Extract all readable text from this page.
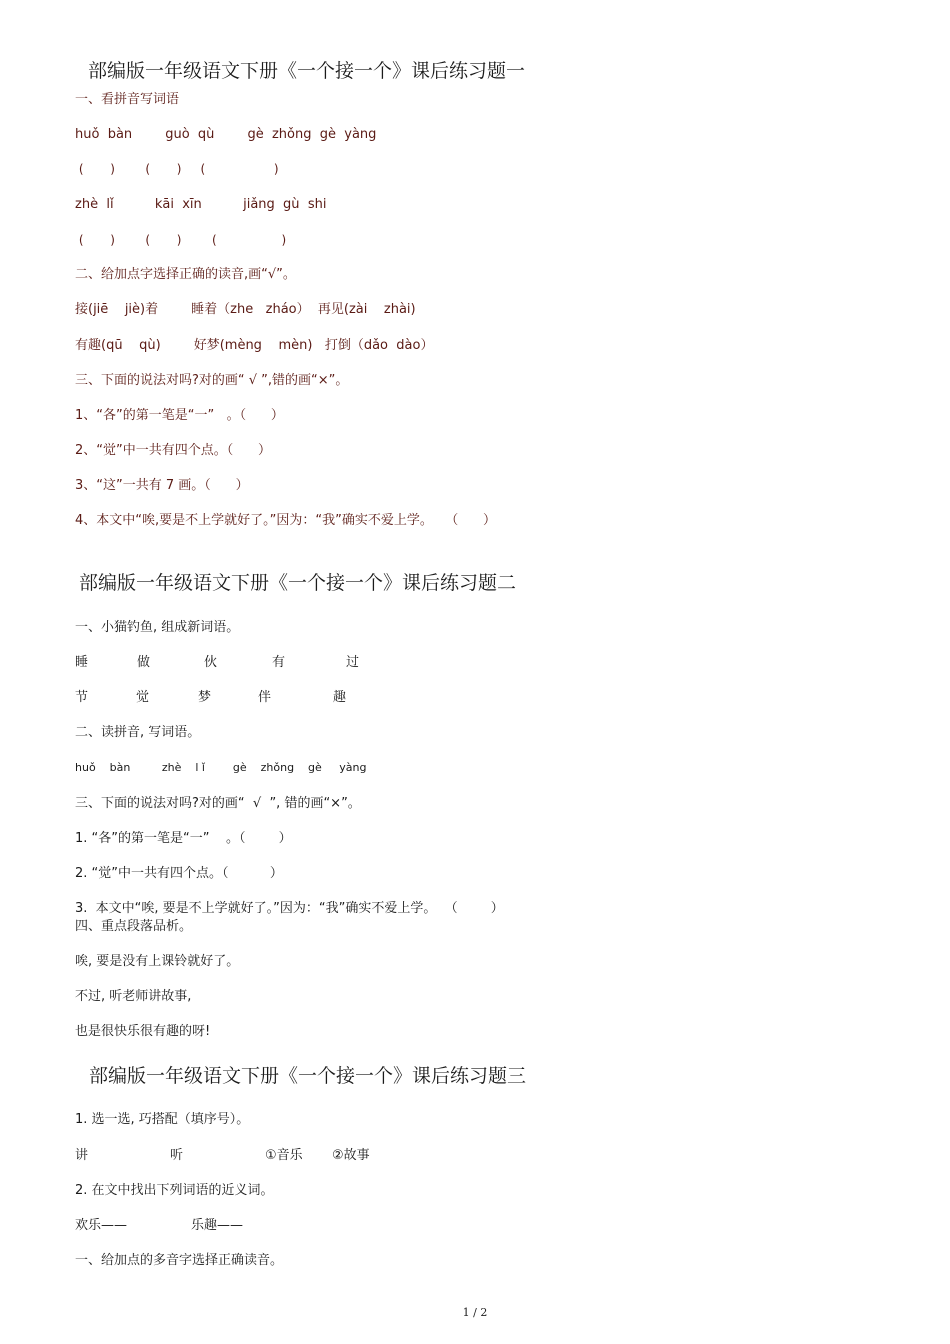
部编版一年级语文下册《一个接一个》课后练习题一
一、看拼音写词语
huǒ  bàn        guò  qù        gè  zhǒng  gè  yàng
(       )        (       )     (                  )
zhè  lǐ          kāi  xīn          jiǎng  gù  shi
(       )        (       )        (                 )
二、给加点字选择正确的读音,画“√”。
接(jiē    jiè)着        睡着（zhe   zháo）  再见(zài    zhài)
有趣(qū    qù)        好梦(mèng    mèn)   打倒（dǎo  dào）
三、下面的说法对吗?对的画“ √ ”,错的画“×”。
1、“各”的第一笔是“一”   。（      ）
2、“觉”中一共有四个点。（      ）
3、“这”一共有 7 画。（      ）
4、本文中“唉,要是不上学就好了。”因为：“我”确实不爱上学。   （      ）
部编版一年级语文下册《一个接一个》课后练习题二
一、小猫钓鱼, 组成新词语。
睡	做	伙	有	过
节	觉	梦	伴	趣
二、读拼音, 写词语。
huǒ    bàn         zhè    l ǐ        gè    zhǒng    gè     yàng
三、下面的说法对吗?对的画“  √  ”, 错的画“×”。
1. “各”的第一笔是“一”    。（        ）
2. “觉”中一共有四个点。（          ）
3.  本文中“唉, 要是不上学就好了。”因为：“我”确实不爱上学。  （        ）
四、重点段落品析。
唉, 要是没有上课铃就好了。
不过, 听老师讲故事,
也是很快乐很有趣的呀!
部编版一年级语文下册《一个接一个》课后练习题三
1. 选一选, 巧搭配（填序号）。
讲	听	①音乐 ②故事
2. 在文中找出下列词语的近义词。
欢乐——	乐趣——
一、给加点的多音字选择正确读音。
1 / 2
